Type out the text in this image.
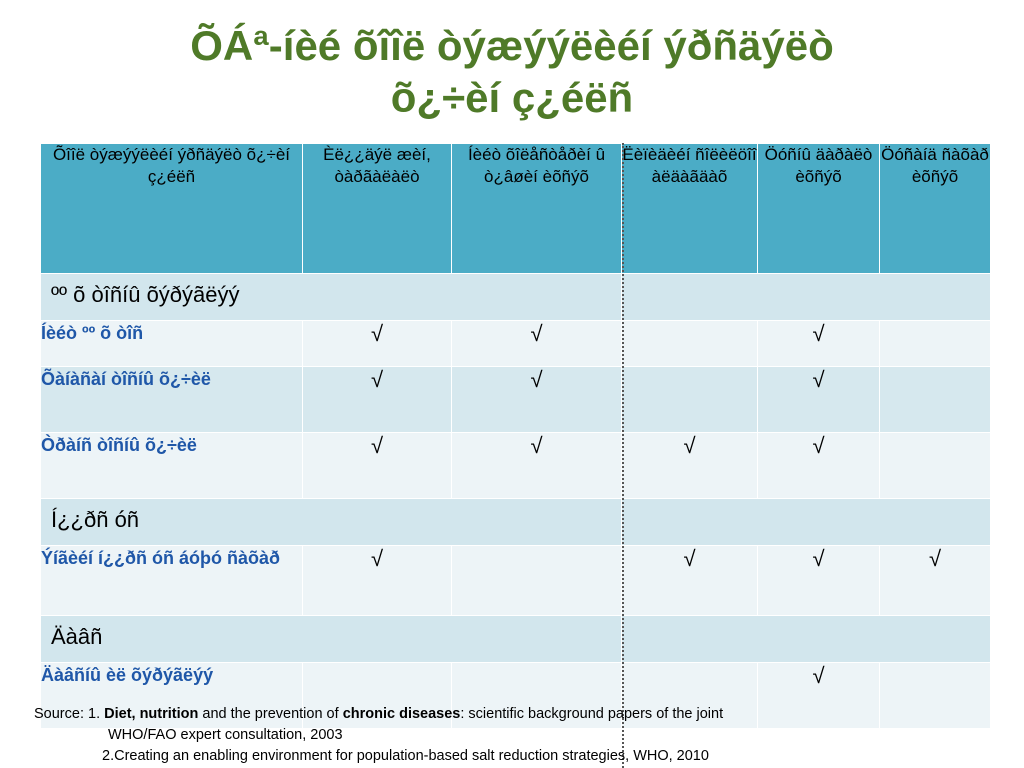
ÕÁª-íèé õîîë òýæýýëèéí ýðñäýëò
õ¿÷èí ç¿éëñ
Õîîë òýæýýëèéí ýðñäýëò õ¿÷èí ç¿éëñ	Èë¿¿äýë æèí, òàðãàëàëò	Íèéò õîëåñòåðèí û ò¿âøèí èõñýõ	Ëèïèäèéí ñîëèëöîî àëäàãäàõ	Öóñíû äàðàëò èõñýõ	Öóñàíä ñàõàð èõñýõ
ºº õ òîñíû õýðýãëýý					
Íèéò ºº õ òîñ	√	√		√	
Õàíàñàí òîñíû õ¿÷èë	√	√		√	
Òðàíñ òîñíû õ¿÷èë	√	√	√	√	
Í¿¿ðñ óñ					
Ýíãèéí í¿¿ðñ óñ áóþó ñàõàð	√		√	√	√
Äàâñ					
Äàâñíû èë õýðýãëýý				√	
Source: 1. Diet, nutrition and the prevention of chronic diseases: scientific background papers of the joint
WHO/FAO expert consultation, 2003
2.Creating an enabling environment for population-based salt reduction strategies, WHO, 2010
